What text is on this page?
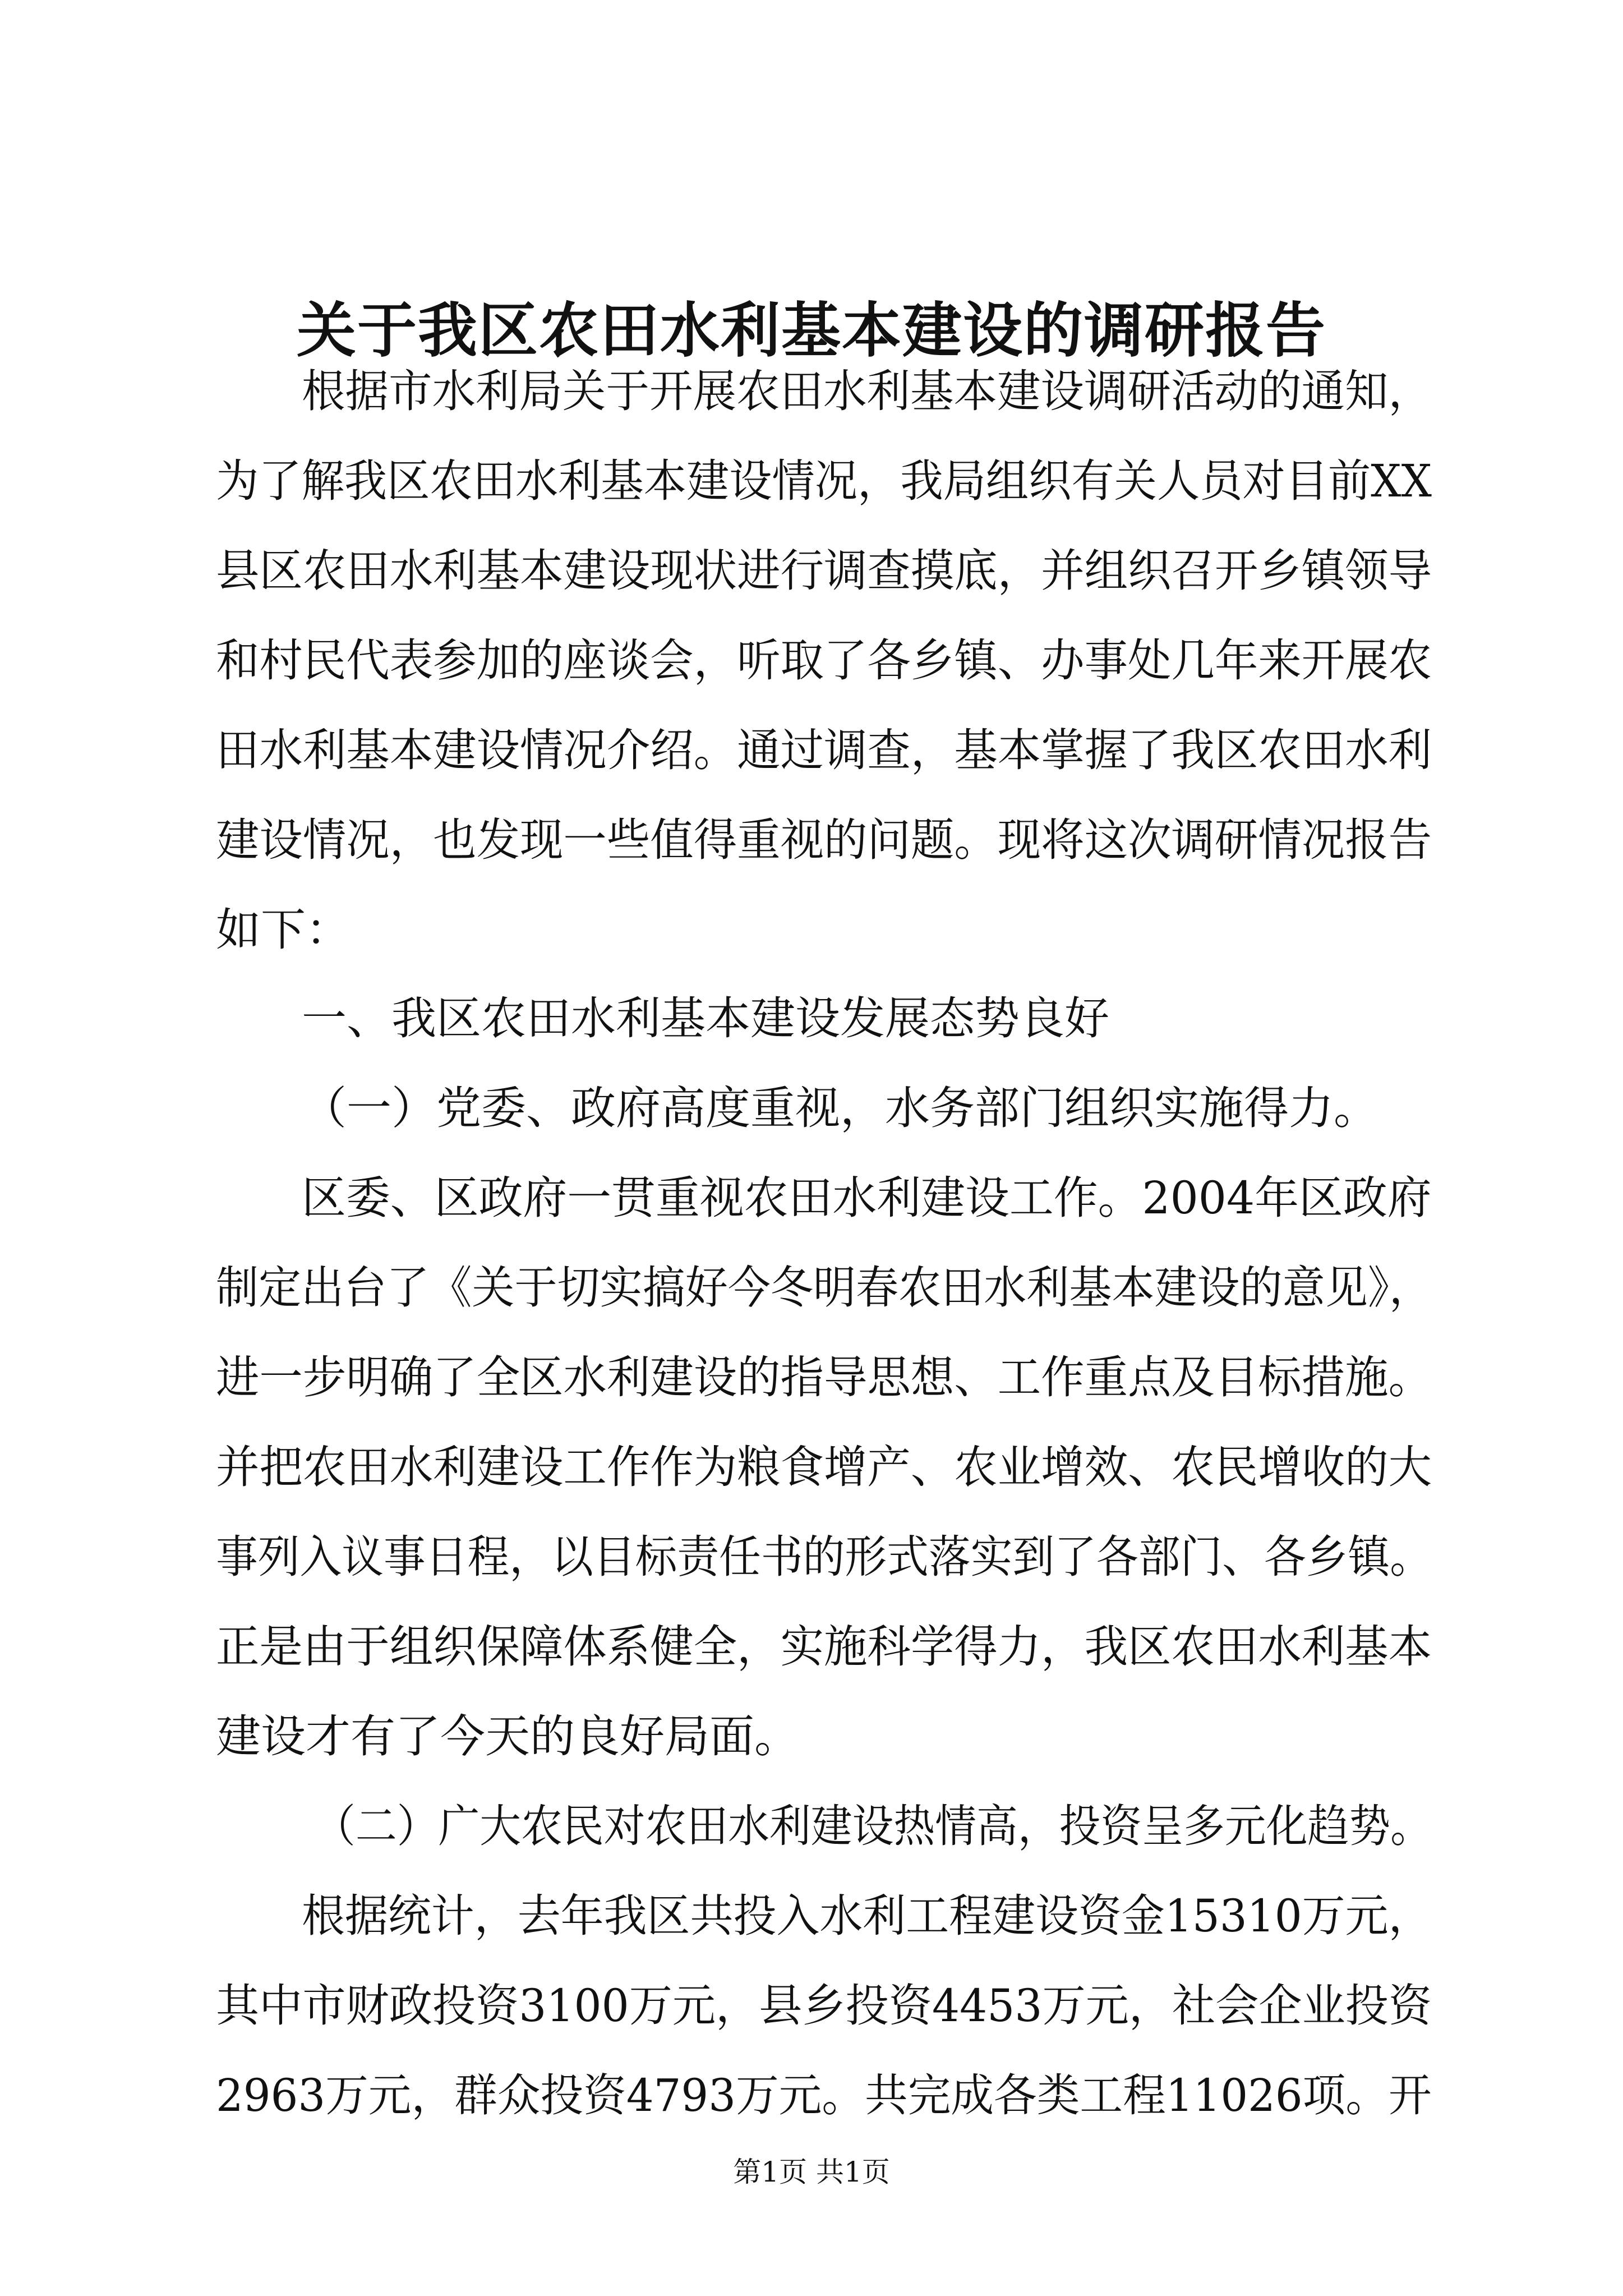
关于我区农田水利基本建设的调研报告
根据市水利局关于开展农田水利基本建设调研活动的通知，
为了解我区农田水利基本建设情况，我局组织有关人员对目前XX
县区农田水利基本建设现状进行调查摸底，并组织召开乡镇领导
和村民代表参加的座谈会，听取了各乡镇、办事处几年来开展农
田水利基本建设情况介绍。通过调查，基本掌握了我区农田水利
建设情况，也发现一些值得重视的问题。现将这次调研情况报告
如下：
一、我区农田水利基本建设发展态势良好
（一）党委、政府高度重视，水务部门组织实施得力。
区委、区政府一贯重视农田水利建设工作。2004年区政府
制定出台了《关于切实搞好今冬明春农田水利基本建设的意见》，
进一步明确了全区水利建设的指导思想、工作重点及目标措施。
并把农田水利建设工作作为粮食增产、农业增效、农民增收的大
事列入议事日程，以目标责任书的形式落实到了各部门、各乡镇。
正是由于组织保障体系健全，实施科学得力，我区农田水利基本
建设才有了今天的良好局面。
（二）广大农民对农田水利建设热情高，投资呈多元化趋势。
根据统计，去年我区共投入水利工程建设资金15310万元，
其中市财政投资3100万元，县乡投资4453万元，社会企业投资
2963万元，群众投资4793万元。共完成各类工程11026项。开
第1页 共1页
